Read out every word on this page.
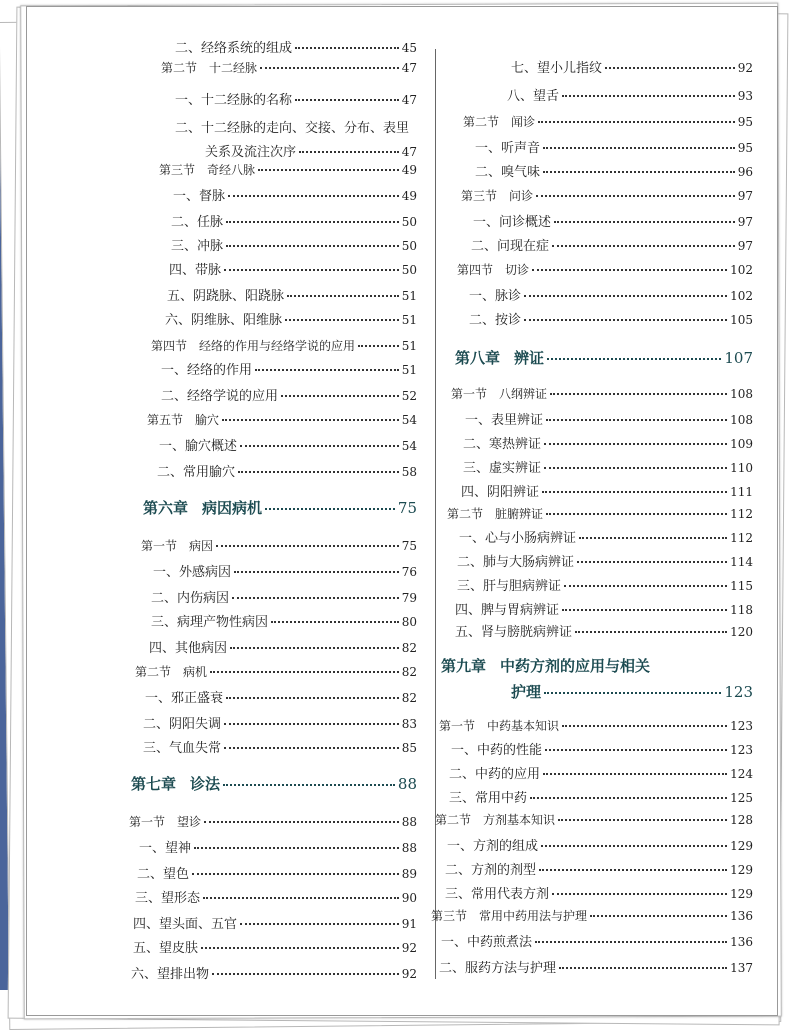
二、经络系统的组成	45
第二节　十二经脉	47
一、十二经脉的名称	47
二、十二经脉的走向、交接、分布、表里
关系及流注次序	47
第三节　奇经八脉	49
一、督脉	49
二、任脉	50
三、冲脉	50
四、带脉	50
五、阴跷脉、阳跷脉	51
六、阴维脉、阳维脉	51
第四节　经络的作用与经络学说的应用	51
一、经络的作用	51
二、经络学说的应用	52
第五节　腧穴	54
一、腧穴概述	54
二、常用腧穴	58
第六章 病因病机	75
第一节　病因	75
一、外感病因	76
二、内伤病因	79
三、病理产物性病因	80
四、其他病因	82
第二节　病机	82
一、邪正盛衰	82
二、阴阳失调	83
三、气血失常	85
第七章 诊法	88
第一节　望诊	88
一、望神	88
二、望色	89
三、望形态	90
四、望头面、五官	91
五、望皮肤	92
六、望排出物	92
七、望小儿指纹	92
八、望舌	93
第二节　闻诊	95
一、听声音	95
二、嗅气味	96
第三节　问诊	97
一、问诊概述	97
二、问现在症	97
第四节　切诊	102
一、脉诊	102
二、按诊	105
第八章 辨证	107
第一节　八纲辨证	108
一、表里辨证	108
二、寒热辨证	109
三、虚实辨证	110
四、阴阳辨证	111
第二节　脏腑辨证	112
一、心与小肠病辨证	112
二、肺与大肠病辨证	114
三、肝与胆病辨证	115
四、脾与胃病辨证	118
五、肾与膀胱病辨证	120
第九章 中药方剂的应用与相关
护理	123
第一节　中药基本知识	123
一、中药的性能	123
二、中药的应用	124
三、常用中药	125
第二节　方剂基本知识	128
一、方剂的组成	129
二、方剂的剂型	129
三、常用代表方剂	129
第三节　常用中药用法与护理	136
一、中药煎煮法	136
二、服药方法与护理	137
